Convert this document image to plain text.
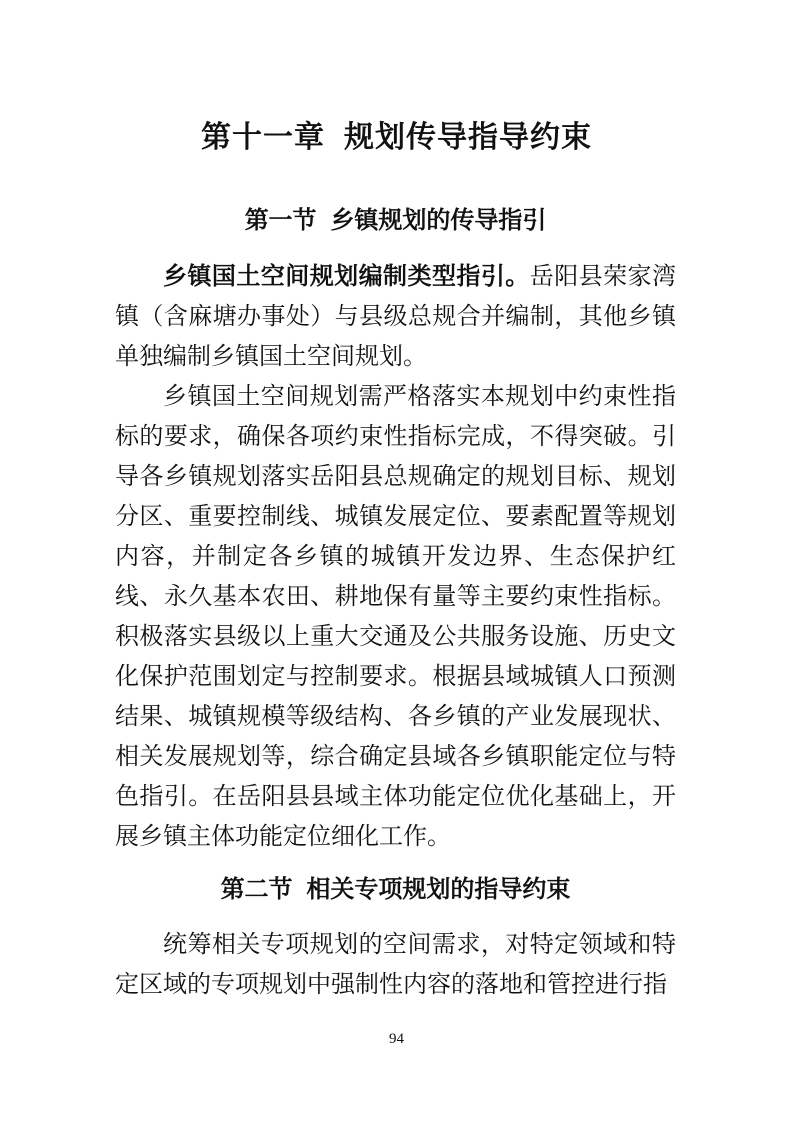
第十一章 规划传导指导约束
第一节 乡镇规划的传导指引

乡镇国土空间规划编制类型指引。岳阳县荣家湾镇（含麻塘办事处）与县级总规合并编制，其他乡镇单独编制乡镇国土空间规划。

乡镇国土空间规划需严格落实本规划中约束性指标的要求，确保各项约束性指标完成，不得突破。引导各乡镇规划落实岳阳县总规确定的规划目标、规划分区、重要控制线、城镇发展定位、要素配置等规划内容，并制定各乡镇的城镇开发边界、生态保护红线、永久基本农田、耕地保有量等主要约束性指标。积极落实县级以上重大交通及公共服务设施、历史文化保护范围划定与控制要求。根据县域城镇人口预测结果、城镇规模等级结构、各乡镇的产业发展现状、相关发展规划等，综合确定县域各乡镇职能定位与特色指引。在岳阳县县域主体功能定位优化基础上，开展乡镇主体功能定位细化工作。

第二节 相关专项规划的指导约束

统筹相关专项规划的空间需求，对特定领域和特定区域的专项规划中强制性内容的落地和管控进行指

94
